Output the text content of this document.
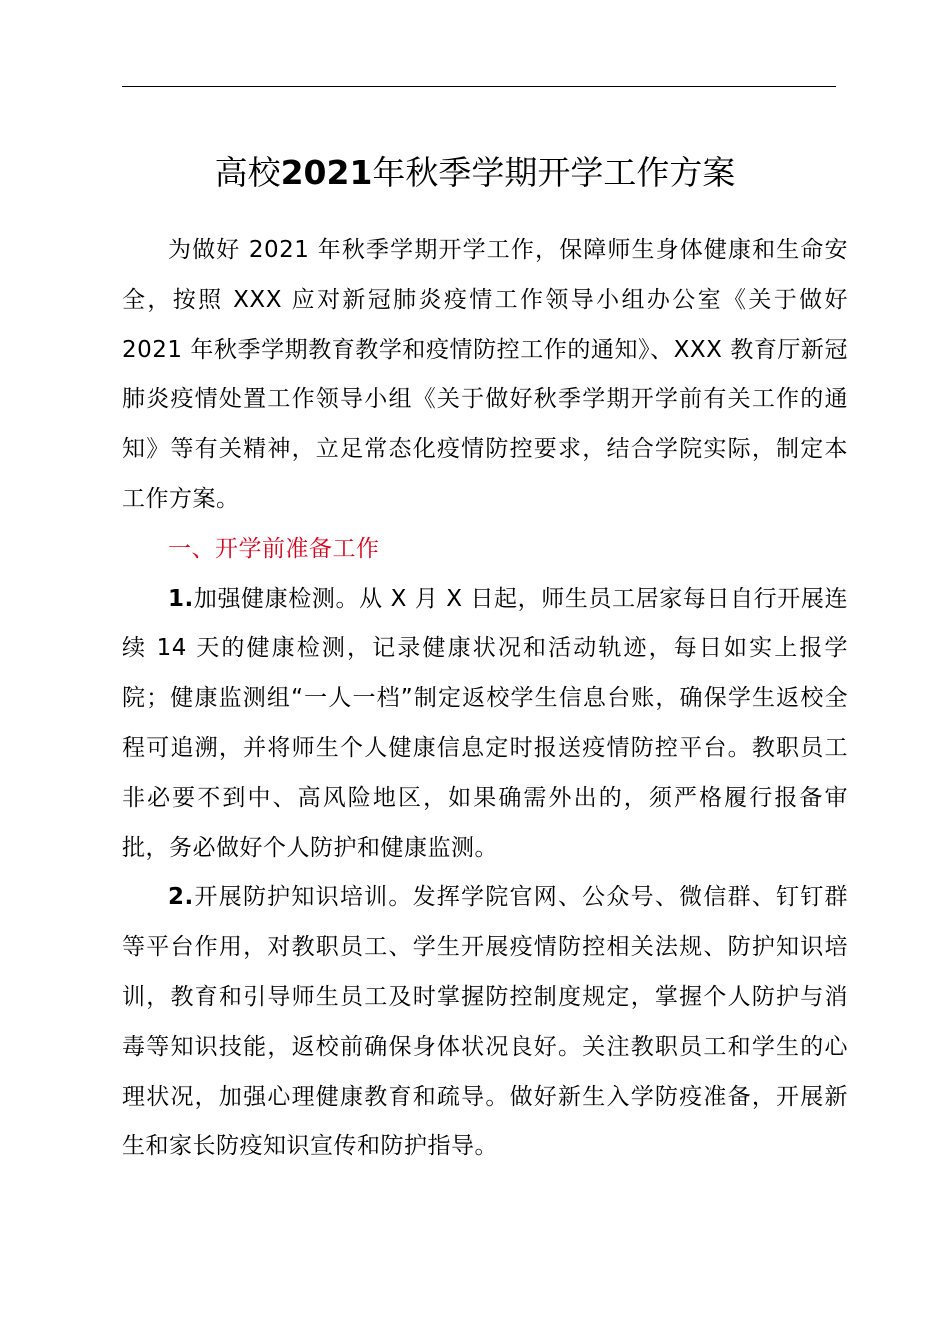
高校2021年秋季学期开学工作方案

为做好 2021 年秋季学期开学工作，保障师生身体健康和生命安全，按照 XXX 应对新冠肺炎疫情工作领导小组办公室《关于做好 2021 年秋季学期教育教学和疫情防控工作的通知》、XXX 教育厅新冠肺炎疫情处置工作领导小组《关于做好秋季学期开学前有关工作的通知》等有关精神，立足常态化疫情防控要求，结合学院实际，制定本工作方案。

一、开学前准备工作

1.加强健康检测。从 X 月 X 日起，师生员工居家每日自行开展连续 14 天的健康检测，记录健康状况和活动轨迹，每日如实上报学院；健康监测组“一人一档”制定返校学生信息台账，确保学生返校全程可追溯，并将师生个人健康信息定时报送疫情防控平台。教职员工非必要不到中、高风险地区，如果确需外出的，须严格履行报备审批，务必做好个人防护和健康监测。

2.开展防护知识培训。发挥学院官网、公众号、微信群、钉钉群等平台作用，对教职员工、学生开展疫情防控相关法规、防护知识培训，教育和引导师生员工及时掌握防控制度规定，掌握个人防护与消毒等知识技能，返校前确保身体状况良好。关注教职员工和学生的心理状况，加强心理健康教育和疏导。做好新生入学防疫准备，开展新生和家长防疫知识宣传和防护指导。
